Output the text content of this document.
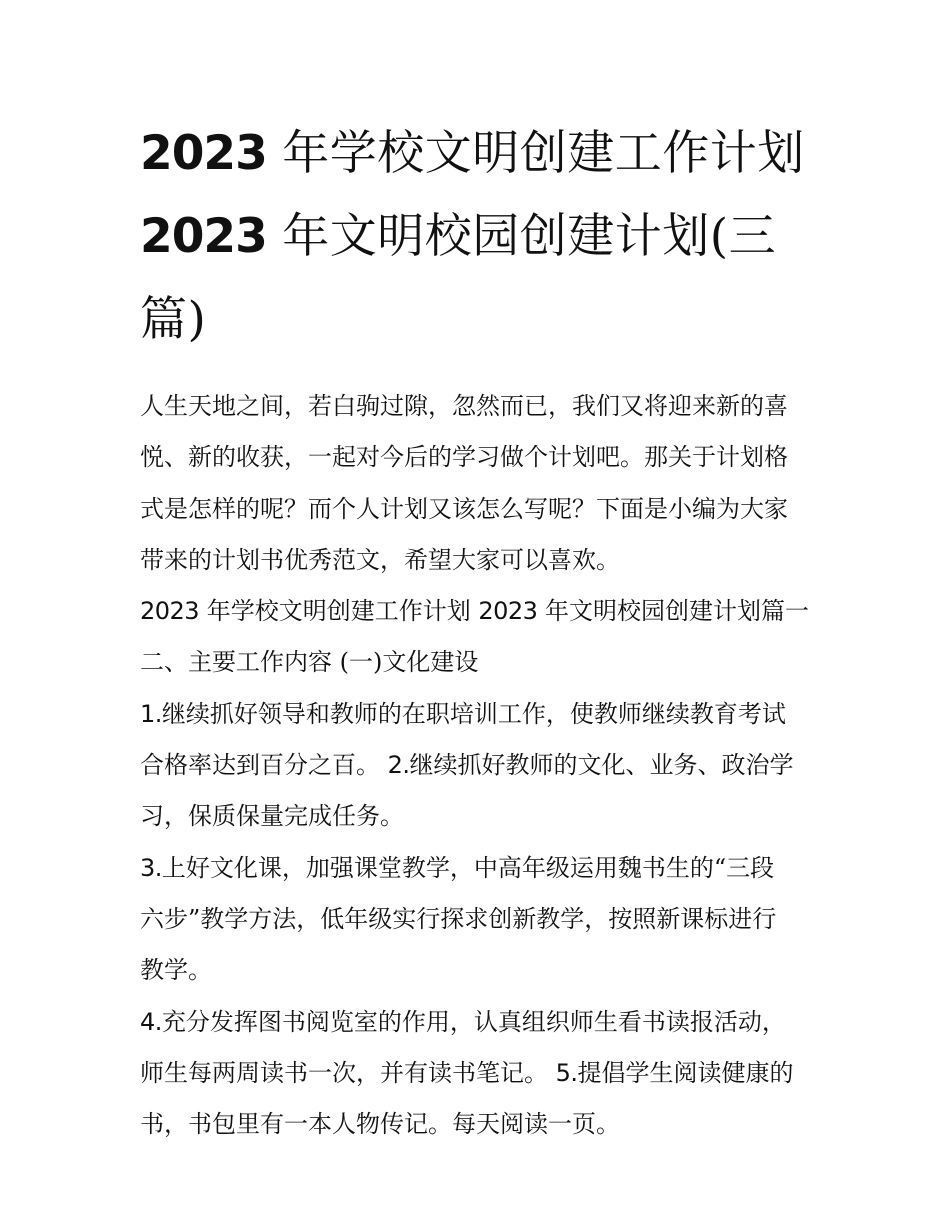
2023 年学校文明创建工作计划
2023 年文明校园创建计划(三
篇)
人生天地之间，若白驹过隙，忽然而已，我们又将迎来新的喜
悦、新的收获，一起对今后的学习做个计划吧。那关于计划格
式是怎样的呢？而个人计划又该怎么写呢？下面是小编为大家
带来的计划书优秀范文，希望大家可以喜欢。
2023 年学校文明创建工作计划 2023 年文明校园创建计划篇一
二、主要工作内容 (一)文化建设
1.继续抓好领导和教师的在职培训工作，使教师继续教育考试
合格率达到百分之百。 2.继续抓好教师的文化、业务、政治学
习，保质保量完成任务。
3.上好文化课，加强课堂教学，中高年级运用魏书生的“三段
六步”教学方法，低年级实行探求创新教学，按照新课标进行
教学。
4.充分发挥图书阅览室的作用，认真组织师生看书读报活动，
师生每两周读书一次，并有读书笔记。 5.提倡学生阅读健康的
书，书包里有一本人物传记。每天阅读一页。
